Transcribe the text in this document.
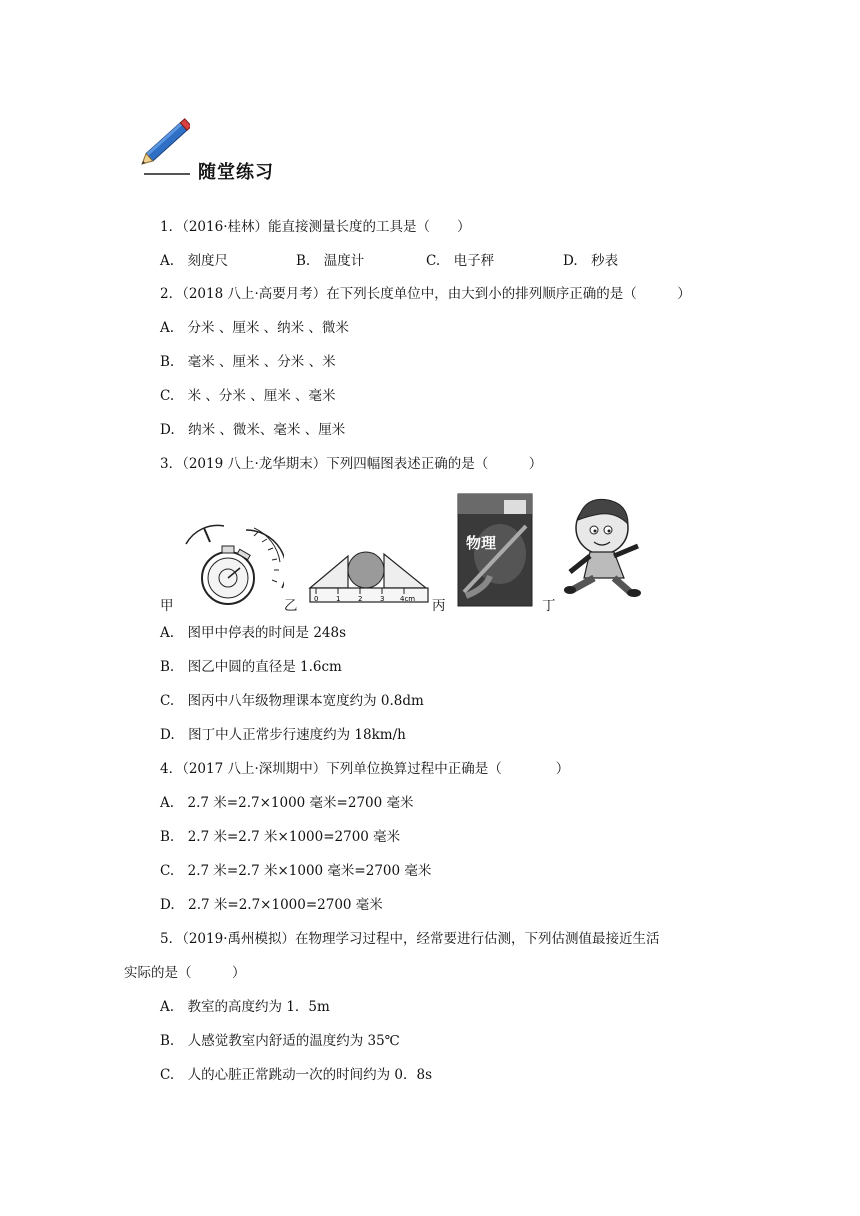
随堂练习
1．（2016·桂林）能直接测量长度的工具是（　　）
A.　刻度尺	B.　温度计	C.　电子秤	D.　秒表
2．（2018 八上·高要月考）在下列长度单位中，由大到小的排列顺序正确的是（　　　）
A.　分米 、厘米 、纳米 、微米
B.　毫米 、厘米 、分米 、米
C.　米 、分米 、厘米 、毫米
D.　纳米 、微米、毫米 、厘米
3．（2019 八上·龙华期末）下列四幅图表述正确的是（　　　）
甲	0	1	2	3 4cm
乙
物理
丙	丁
A.　图甲中停表的时间是 248s
B.　图乙中圆的直径是 1.6cm
C.　图丙中八年级物理课本宽度约为 0.8dm
D.　图丁中人正常步行速度约为 18km/h
4．（2017 八上·深圳期中）下列单位换算过程中正确是（　　　　）
A.　2.7 米=2.7×1000 毫米=2700 毫米
B.　2.7 米=2.7 米×1000=2700 毫米
C.　2.7 米=2.7 米×1000 毫米=2700 毫米
D.　2.7 米=2.7×1000=2700 毫米
5．（2019·禹州模拟）在物理学习过程中，经常要进行估测，下列估测值最接近生活
实际的是（　　　）
A.　教室的高度约为 1．5m
B.　人感觉教室内舒适的温度约为 35℃
C.　人的心脏正常跳动一次的时间约为 0．8s
